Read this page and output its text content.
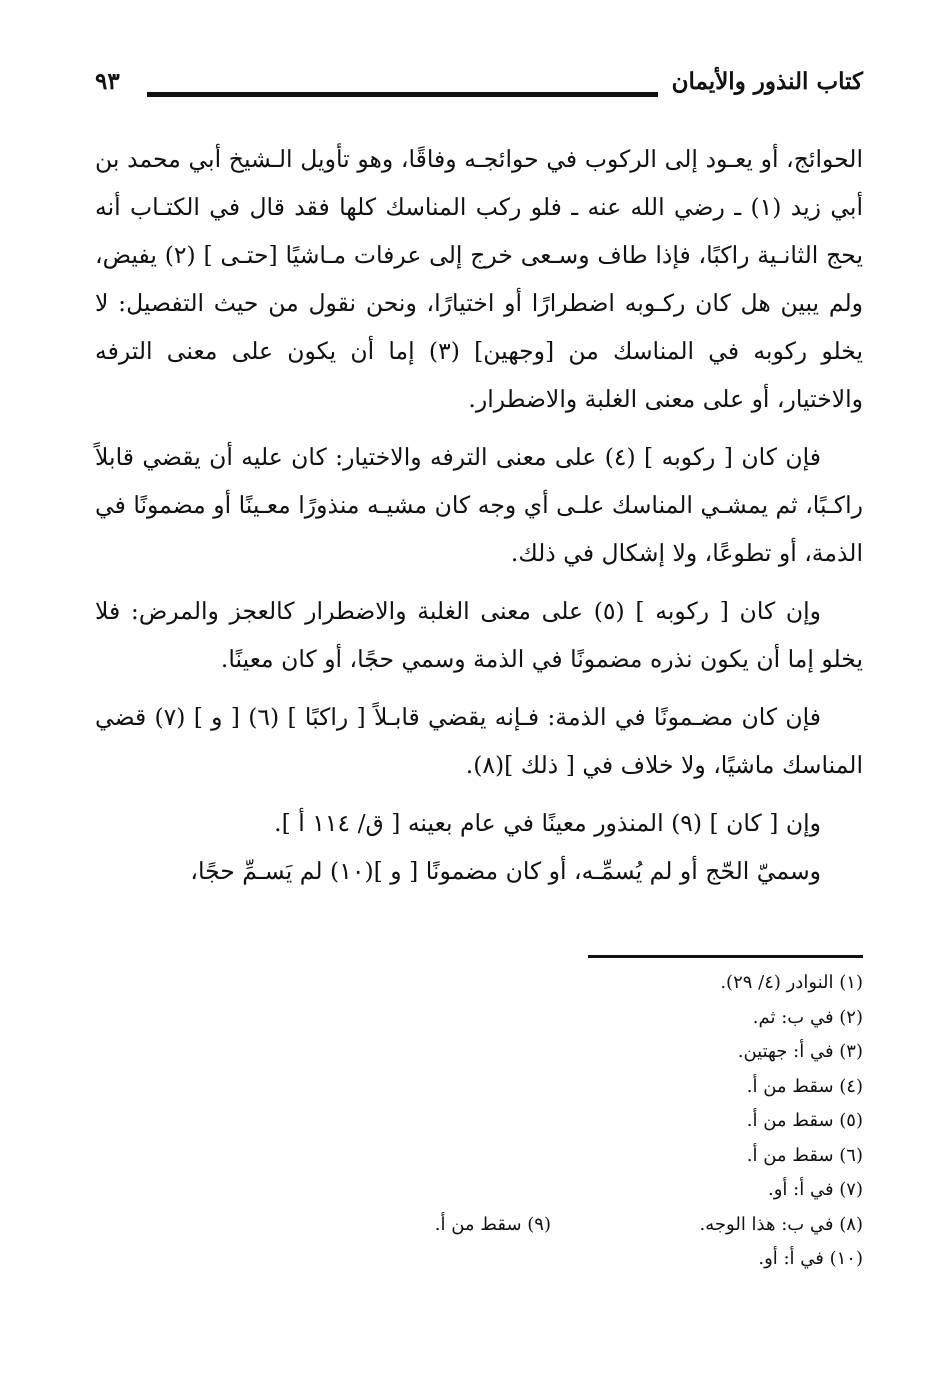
كتاب النذور والأيمان
٩٣

الحوائج، أو يعـود إلى الركوب في حوائجـه وفاقًا، وهو تأويل الـشيخ أبي محمد بن أبي زيد (١) ـ رضي الله عنه ـ فلو ركب المناسك كلها فقد قال في الكتـاب أنه يحج الثانـية راكبًا، فإذا طاف وسـعى خرج إلى عرفات مـاشيًا [حتـى ] (٢) يفيض، ولم يبين هل كان ركـوبه اضطرارًا أو اختيارًا، ونحن نقول من حيث التفصيل: لا يخلو ركوبه في المناسك من [وجهين] (٣) إما أن يكون على معنى الترفه والاختيار، أو على معنى الغلبة والاضطرار.

فإن كان [ ركوبه ] (٤) على معنى الترفه والاختيار: كان عليه أن يقضي قابلاً راكـبًا، ثم يمشـي المناسك علـى أي وجه كان مشيـه منذورًا معـينًا أو مضمونًا في الذمة، أو تطوعًا، ولا إشكال في ذلك.

وإن كان [ ركوبه ] (٥) على معنى الغلبة والاضطرار كالعجز والمرض: فلا يخلو إما أن يكون نذره مضمونًا في الذمة وسمي حجًا، أو كان معينًا.

فإن كان مضـمونًا في الذمة: فـإنه يقضي قابـلاً [ راكبًا ] (٦) [ و ] (٧) قضي المناسك ماشيًا، ولا خلاف في [ ذلك ](٨).

وإن [ كان ] (٩) المنذور معينًا في عام بعينه [ ق/ ١١٤ أ ].

وسميّ الحّج أو لم يُسمِّـه، أو كان مضمونًا [ و ](١٠) لم يَسـمِّ حجًا،

(١) النوادر (٤/ ٢٩).
(٢) في ب: ثم.
(٣) في أ: جهتين.
(٤) سقط من أ.
(٥) سقط من أ.
(٦) سقط من أ.
(٧) في أ: أو.
(٨) في ب: هذا الوجه.
(٩) سقط من أ.
(١٠) في أ: أو.
